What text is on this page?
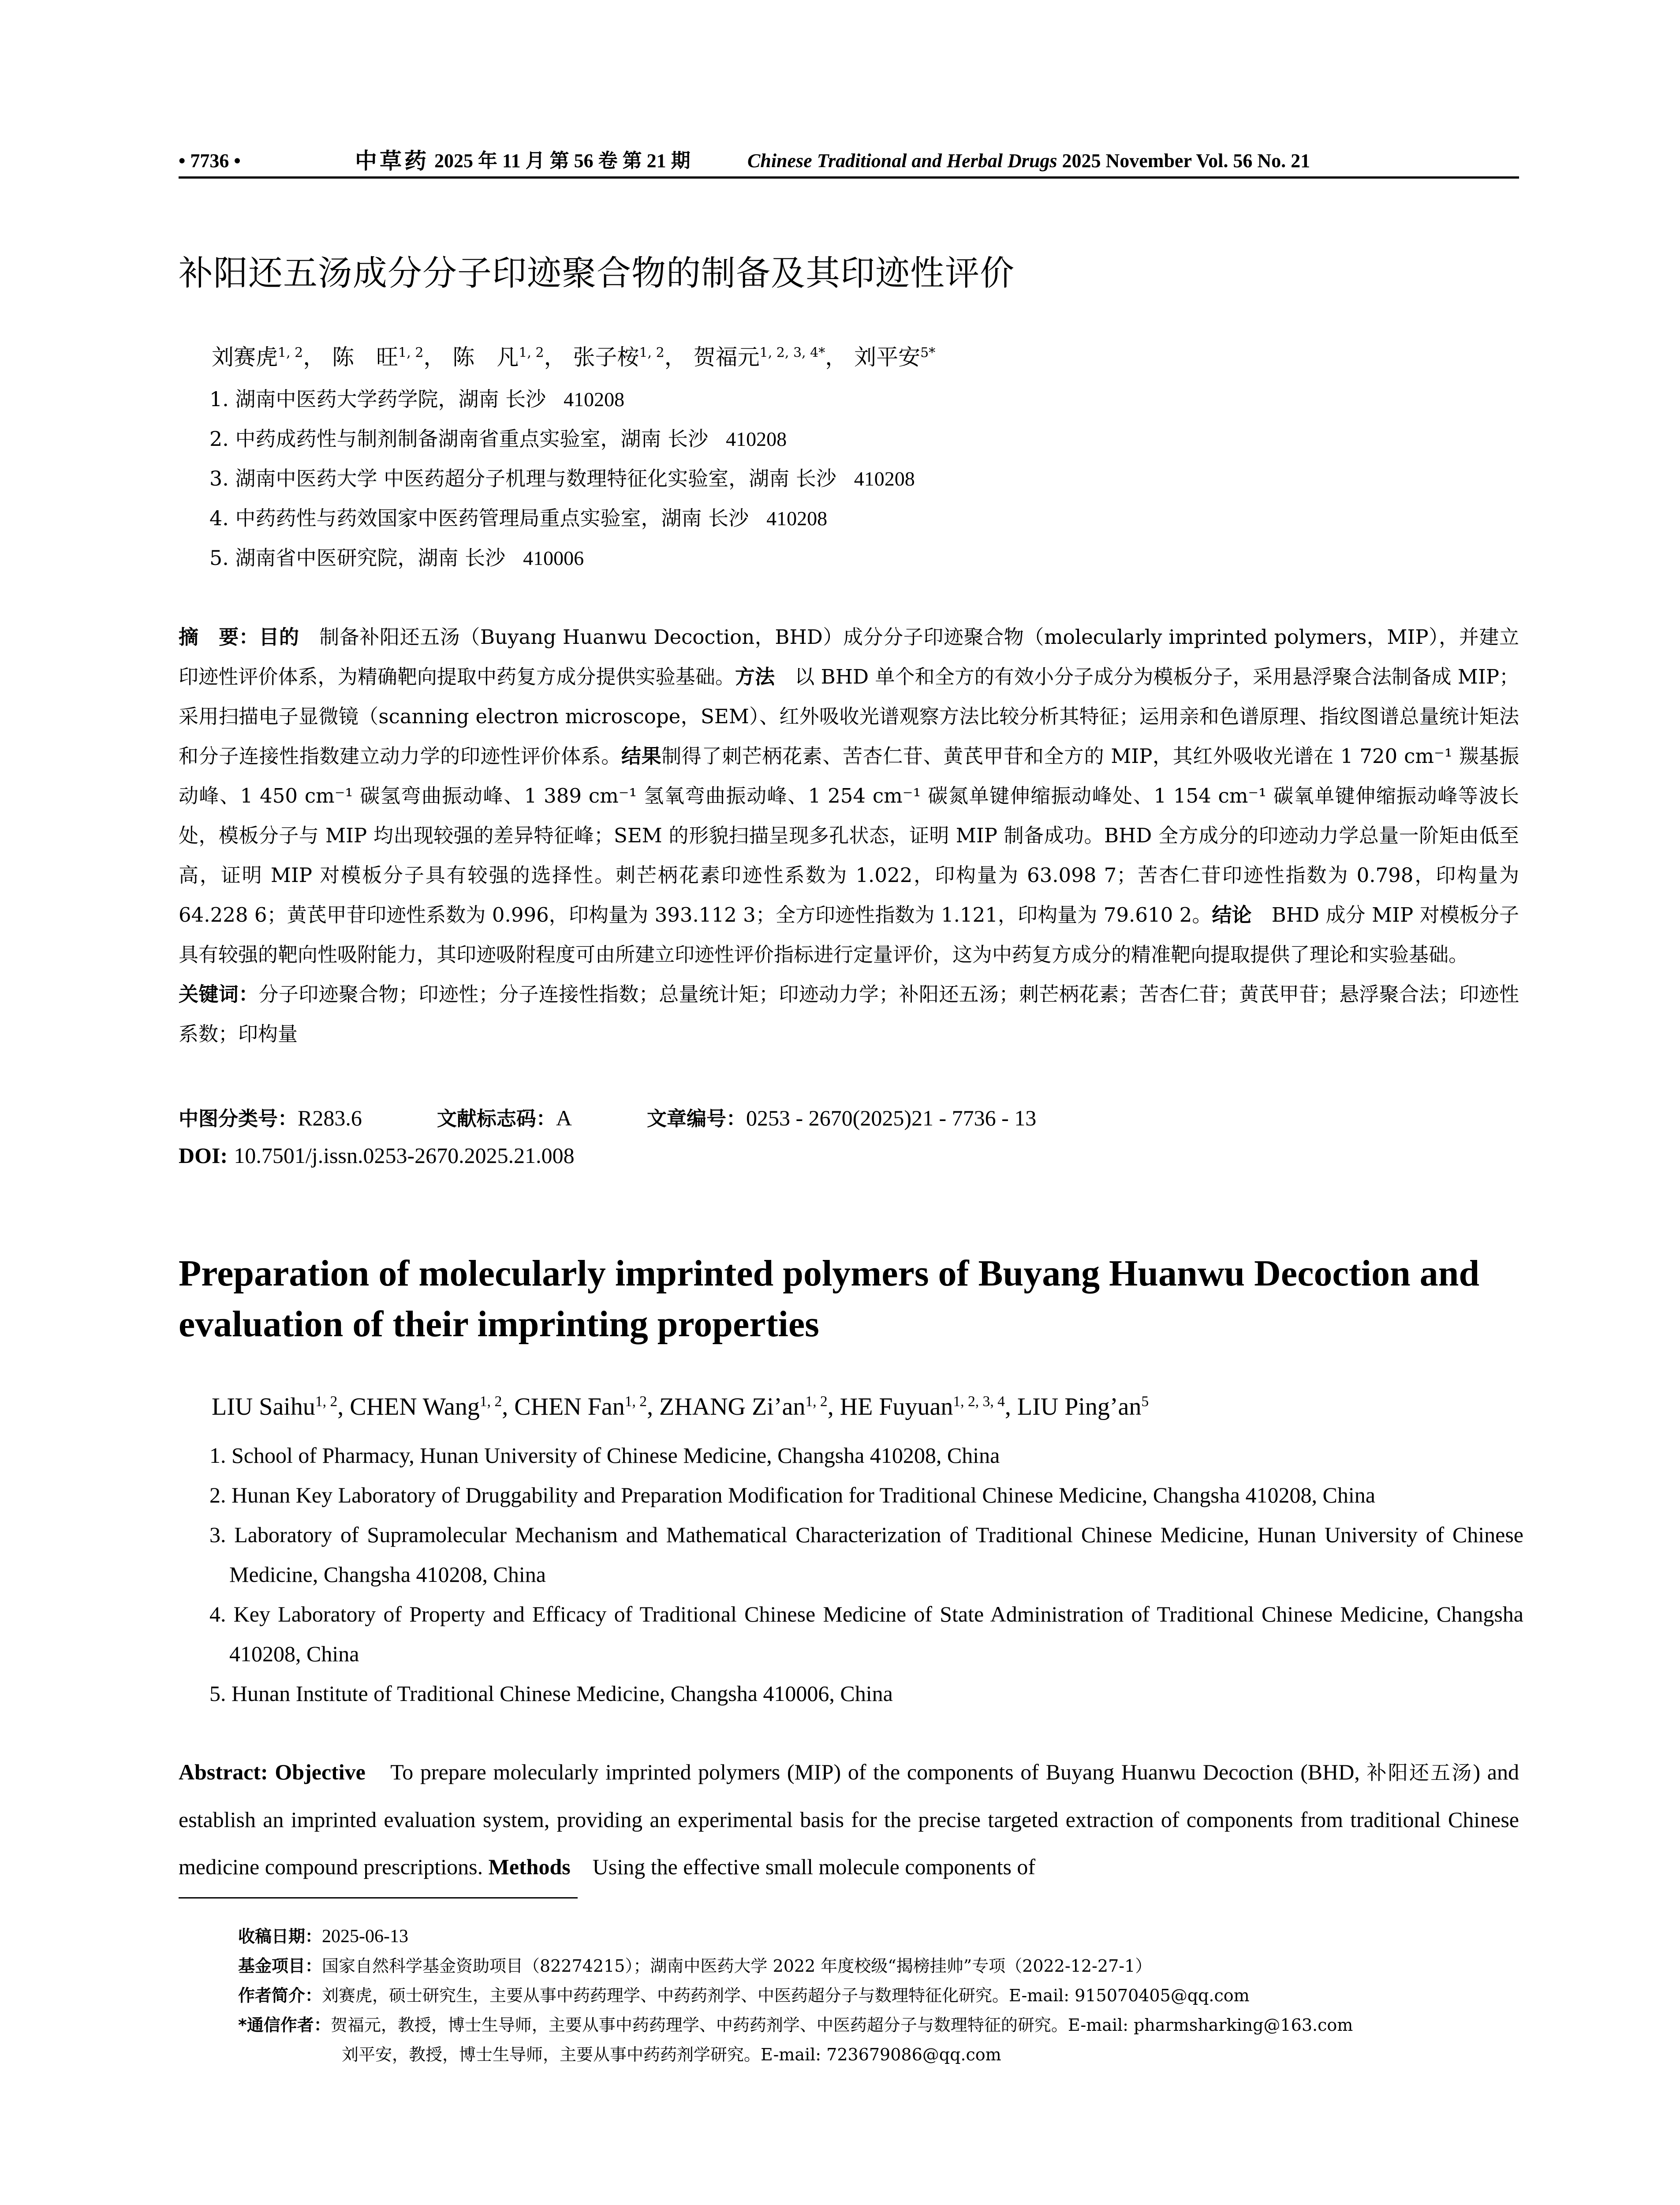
• 7736 •	中草药 2025 年 11 月 第 56 卷 第 21 期	Chinese Traditional and Herbal Drugs 2025 November Vol. 56 No. 21
补阳还五汤成分分子印迹聚合物的制备及其印迹性评价
刘赛虎$^{1, 2}$， 陈　旺$^{1, 2}$， 陈　凡$^{1, 2}$， 张子桉$^{1, 2}$， 贺福元$^{1, 2, 3, 4*}$， 刘平安$^{5*}$
1. 湖南中医药大学药学院，湖南 长沙 410208
2. 中药成药性与制剂制备湖南省重点实验室，湖南 长沙 410208
3. 湖南中医药大学 中医药超分子机理与数理特征化实验室，湖南 长沙 410208
4. 中药药性与药效国家中医药管理局重点实验室，湖南 长沙 410208
5. 湖南省中医研究院，湖南 长沙 410006
摘　要：目的　制备补阳还五汤（Buyang Huanwu Decoction，BHD）成分分子印迹聚合物（molecularly imprinted polymers，MIP），并建立印迹性评价体系，为精确靶向提取中药复方成分提供实验基础。方法　以 BHD 单个和全方的有效小分子成分为模板分子，采用悬浮聚合法制备成 MIP；采用扫描电子显微镜（scanning electron microscope，SEM）、红外吸收光谱观察方法比较分析其特征；运用亲和色谱原理、指纹图谱总量统计矩法和分子连接性指数建立动力学的印迹性评价体系。结果制得了刺芒柄花素、苦杏仁苷、黄芪甲苷和全方的 MIP，其红外吸收光谱在 1 720 cm⁻¹ 羰基振动峰、1 450 cm⁻¹ 碳氢弯曲振动峰、1 389 cm⁻¹ 氢氧弯曲振动峰、1 254 cm⁻¹ 碳氮单键伸缩振动峰处、1 154 cm⁻¹ 碳氧单键伸缩振动峰等波长处，模板分子与 MIP 均出现较强的差异特征峰；SEM 的形貌扫描呈现多孔状态，证明 MIP 制备成功。BHD 全方成分的印迹动力学总量一阶矩由低至高，证明 MIP 对模板分子具有较强的选择性。刺芒柄花素印迹性系数为 1.022，印构量为 63.098 7；苦杏仁苷印迹性指数为 0.798，印构量为 64.228 6；黄芪甲苷印迹性系数为 0.996，印构量为 393.112 3；全方印迹性指数为 1.121，印构量为 79.610 2。结论　BHD 成分 MIP 对模板分子具有较强的靶向性吸附能力，其印迹吸附程度可由所建立印迹性评价指标进行定量评价，这为中药复方成分的精准靶向提取提供了理论和实验基础。
关键词：分子印迹聚合物；印迹性；分子连接性指数；总量统计矩；印迹动力学；补阳还五汤；刺芒柄花素；苦杏仁苷；黄芪甲苷；悬浮聚合法；印迹性系数；印构量
中图分类号：R283.6	文献标志码：A	文章编号：0253 - 2670(2025)21 - 7736 - 13
DOI: 10.7501/j.issn.0253-2670.2025.21.008
Preparation of molecularly imprinted polymers of Buyang Huanwu Decoction and evaluation of their imprinting properties
LIU Saihu$^{1, 2}$, CHEN Wang$^{1, 2}$, CHEN Fan$^{1, 2}$, ZHANG Zi’an$^{1, 2}$, HE Fuyuan$^{1, 2, 3, 4}$, LIU $Ping’an^5$
1. School of Pharmacy, Hunan University of Chinese Medicine, Changsha 410208, China
2. Hunan Key Laboratory of Druggability and Preparation Modification for Traditional Chinese Medicine, Changsha 410208, China
3. Laboratory of Supramolecular Mechanism and Mathematical Characterization of Traditional Chinese Medicine, Hunan University of Chinese Medicine, Changsha 410208, China
4. Key Laboratory of Property and Efficacy of Traditional Chinese Medicine of State Administration of Traditional Chinese Medicine, Changsha 410208, China
5. Hunan Institute of Traditional Chinese Medicine, Changsha 410006, China
Abstract: Objective　To prepare molecularly imprinted polymers (MIP) of the components of Buyang Huanwu Decoction (BHD, 补阳还五汤) and establish an imprinted evaluation system, providing an experimental basis for the precise targeted extraction of components from traditional Chinese medicine compound prescriptions. Methods　Using the effective small molecule components of
收稿日期：2025-06-13
基金项目：国家自然科学基金资助项目（82274215）；湖南中医药大学 2022 年度校级“揭榜挂帅”专项（2022-12-27-1）
作者简介：刘赛虎，硕士研究生，主要从事中药药理学、中药药剂学、中医药超分子与数理特征化研究。E-mail: 915070405@qq.com
*通信作者：贺福元，教授，博士生导师，主要从事中药药理学、中药药剂学、中医药超分子与数理特征的研究。E-mail: pharmsharking@163.com
刘平安，教授，博士生导师，主要从事中药药剂学研究。E-mail: 723679086@qq.com
